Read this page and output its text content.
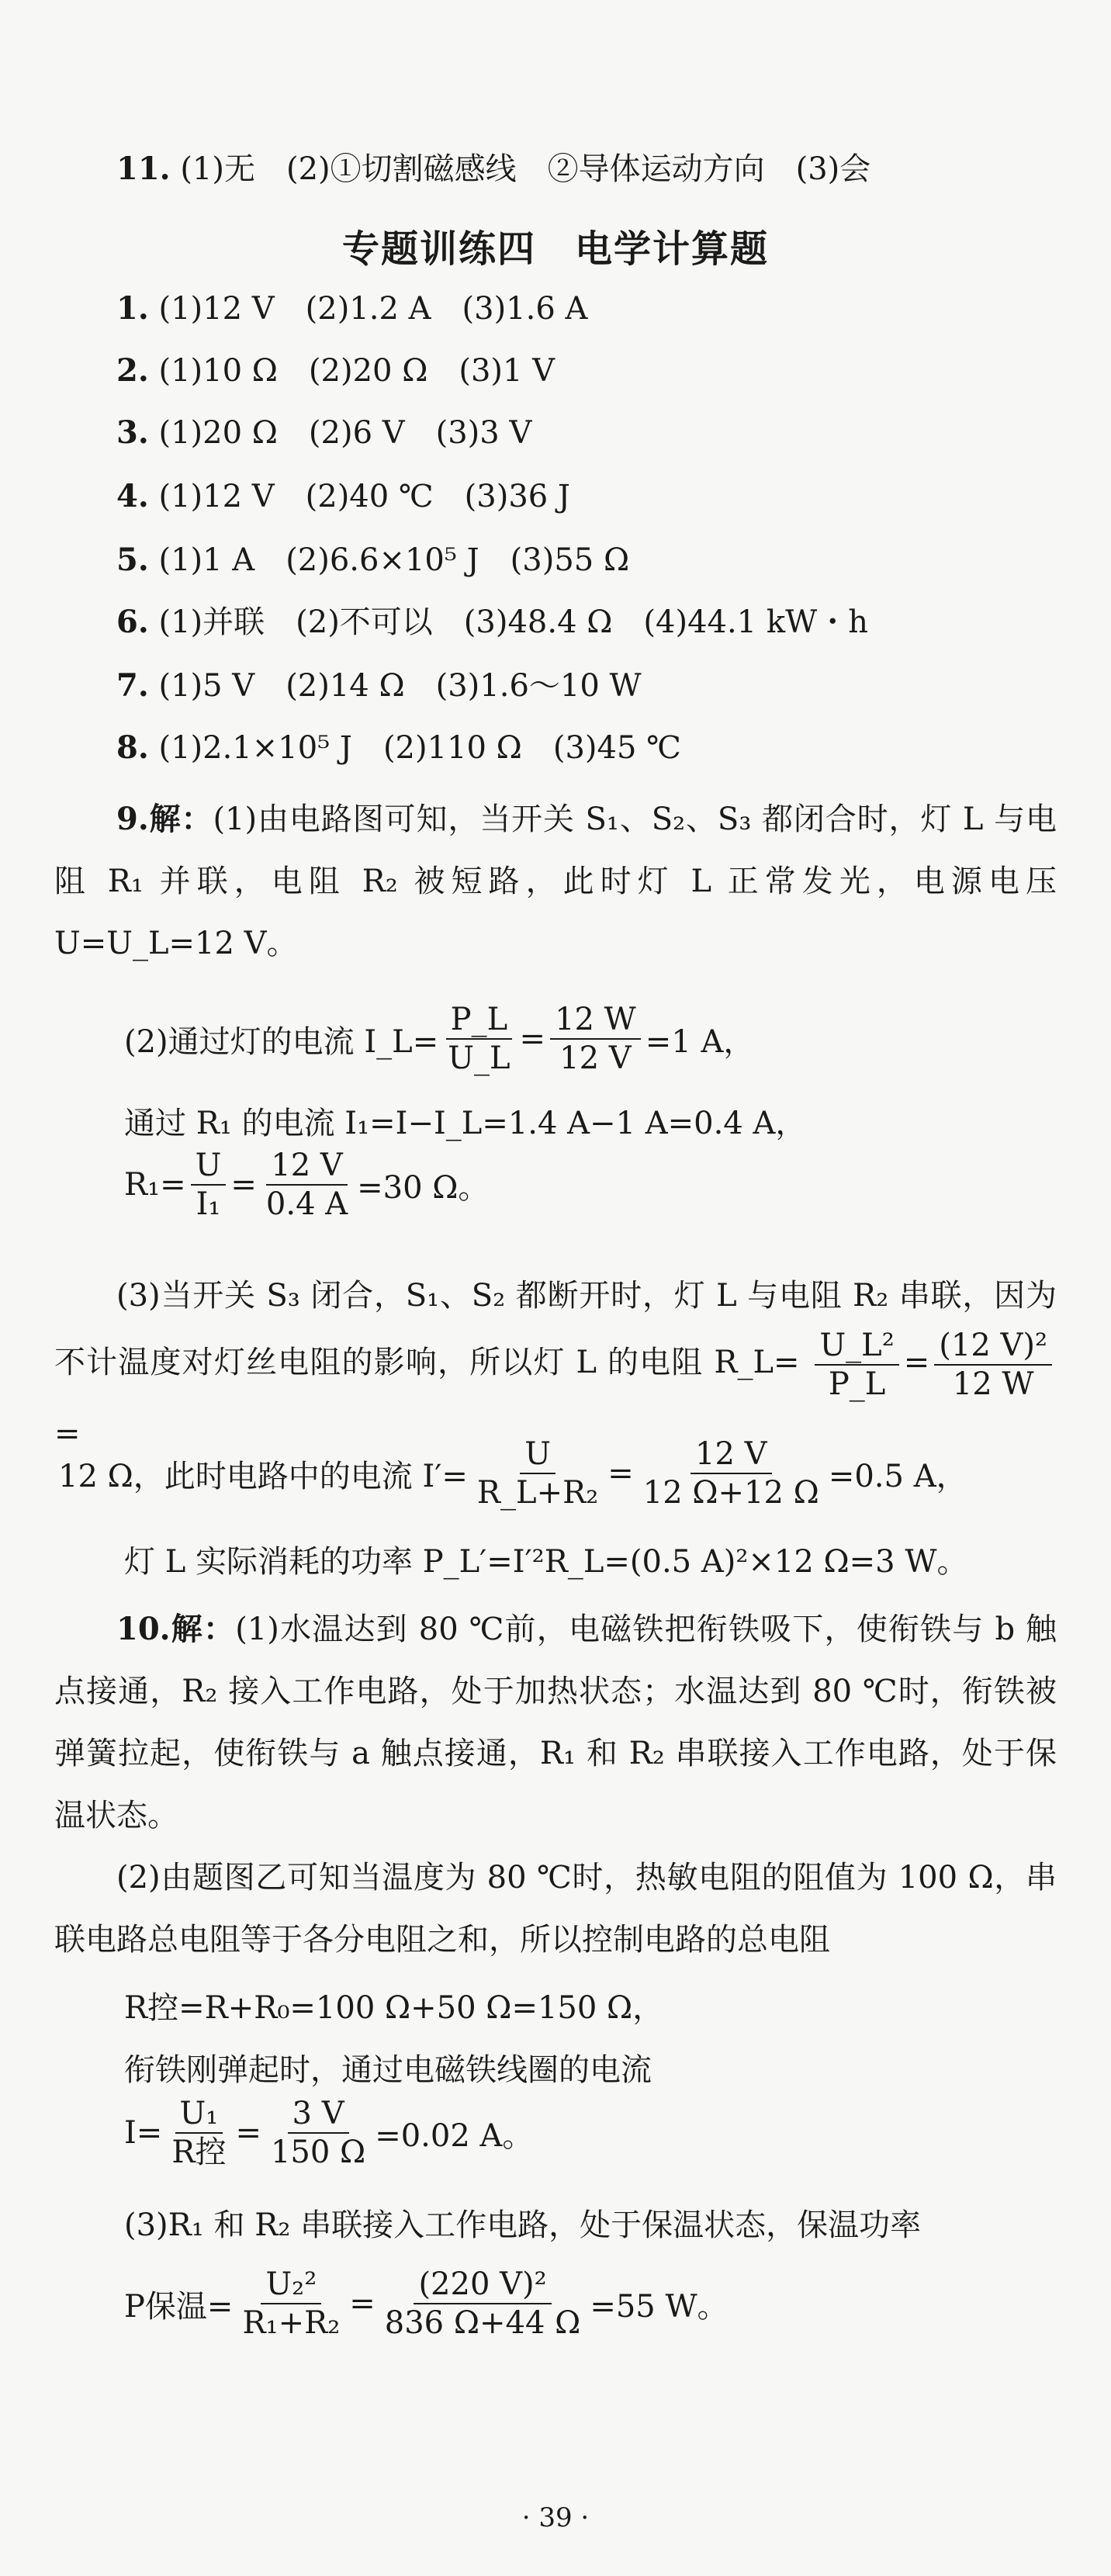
11. (1)无　(2)①切割磁感线　②导体运动方向　(3)会
专题训练四　电学计算题
1. (1)12 V　(2)1.2 A　(3)1.6 A
2. (1)10 Ω　(2)20 Ω　(3)1 V
3. (1)20 Ω　(2)6 V　(3)3 V
4. (1)12 V　(2)40 ℃　(3)36 J
5. (1)1 A　(2)6.6×10⁵ J　(3)55 Ω
6. (1)并联　(2)不可以　(3)48.4 Ω　(4)44.1 kW・h
7. (1)5 V　(2)14 Ω　(3)1.6～10 W
8. (1)2.1×10⁵ J　(2)110 Ω　(3)45 ℃
9.解：(1)由电路图可知，当开关 S₁、S₂、S₃ 都闭合时，灯 L 与电阻 R₁ 并联，电阻 R₂ 被短路，此时灯 L 正常发光，电源电压 U=U_L=12 V。
(2)通过灯的电流 I_L= $\frac{P\_L}{U\_L} = \frac{12 W}{12 V} =1$ A，
通过 R₁ 的电流 I₁=I−I_L=1.4 A−1 A=0.4 A，
$R_1= \frac{U}{\text{I₁}} = \frac{12 V}{0.4 A} =30$ Ω。
(3)当开关 S₃ 闭合，S₁、S₂ 都断开时，灯 L 与电阻 R₂ 串联，因为不计温度对灯丝电阻的影响，所以灯 L 的电阻 R_L= $\frac{\text{U\_L²}}{P\_L} = \frac{\text{(12 V)²}}{12 W}$
=
12 Ω，此时电路中的电流 $I'= \frac{U}{\text{R\_L+R₂}} = \frac{12 V}{12 \Omega+12 \Omega} =0.5$ A，
灯 L 实际消耗的功率 P_L′=I′²R_L=(0.5 A)²×12 Ω=3 W。
10.解：(1)水温达到 80 ℃前，电磁铁把衔铁吸下，使衔铁与 b 触点接通，R₂ 接入工作电路，处于加热状态；水温达到 80 ℃时，衔铁被弹簧拉起，使衔铁与 a 触点接通，R₁ 和 R₂ 串联接入工作电路，处于保温状态。
(2)由题图乙可知当温度为 80 ℃时，热敏电阻的阻值为 100 Ω，串联电路总电阻等于各分电阻之和，所以控制电路的总电阻
R控=R+R₀=100 Ω+50 Ω=150 Ω，
衔铁刚弹起时，通过电磁铁线圈的电流
$I= \frac{\text{U₁}}{\text{R控}} = \frac{3 V}{150 \Omega} =0.02$ A。
(3)R₁ 和 R₂ 串联接入工作电路，处于保温状态，保温功率
P保温= $\frac{\text{U₂²}}{\text{R₁+R₂}} = \frac{\text{(220 V)²}}{836 \Omega+44 \Omega} =55$ W。
· 39 ·
